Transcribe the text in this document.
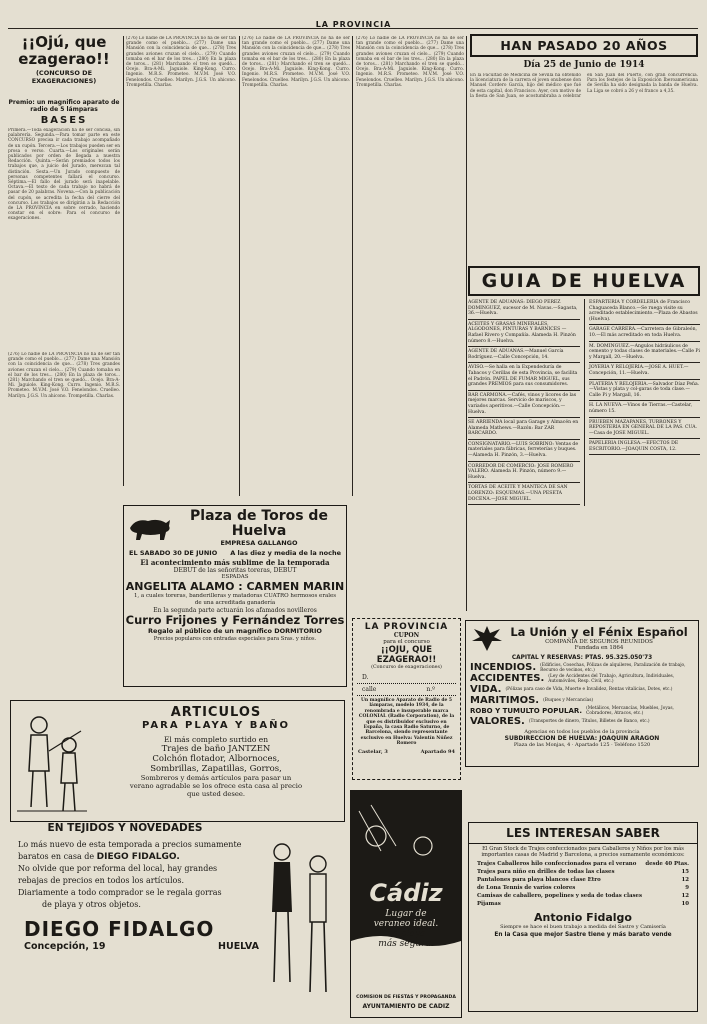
LA PROVINCIA
¡¡Ojú, que ezagerao!!
(CONCURSO DE EXAGERACIONES)
Premio: un magnifico aparato de radio de 5 lámparas
BASES
Primera.—Toda exageración ha de ser concisa, sin palabrería. Segunda.—Para tomar parte en este CONCURSO precisa ir cada trabajo acompañado de un cupón. Tercera.—Los trabajos pueden ser en prosa o verso. Cuarta.—Los originales serán publicados por orden de llegada a nuestra Redacción. Quinta.—Serán premiados todos los trabajos que, a juicio del Jurado, merezcan tal distinción. Sexta.—Un Jurado compuesto de personas competentes fallará el concurso. Séptima.—El fallo del jurado será inapelable. Octava.—El texto de cada trabajo no habrá de pasar de 20 palabras. Novena.—Con la publicación del cupón, se acredita la fecha del cierre del concurso. Los trabajos se dirigirán a la Redacción de LA PROVINCIA en sobre cerrado, haciendo constar en el sobre: Para el concurso de exageraciones.
(276) Lo nadie de LA PROVINCIA no ha de ser tan grande como el pueblo... (277) Dame una Mansión con la coincidencia de que... (278) Tres grandes aviones cruzan el cielo... (279) Cuando tomaba en el bar de los tres... (280) En la plaza de toros... (281) Marchando el tren se quedó... Ocejo. Bra-A-Mi. Jaguiole. King-Kong. Curro. Ingenio. M.R.S. Prometeo. M.V.M. José V.O. Fenelondos. Cruelleo. Marilyn. J.G.S. Un ahicono. Trompetilla. Charlas.
(276) Lo nadie de LA PROVINCIA no ha de ser tan grande como el pueblo... (277) Dame una Mansión con la coincidencia de que... (278) Tres grandes aviones cruzan el cielo... (279) Cuando tomaba en el bar de los tres... (280) En la plaza de toros... (281) Marchando el tren se quedó... Ocejo. Bra-A-Mi. Jaguiole. King-Kong. Curro. Ingenio. M.R.S. Prometeo. M.V.M. José V.O. Fenelondos. Cruelleo. Marilyn. J.G.S. Un ahicono. Trompetilla. Charlas.
(276) Lo nadie de LA PROVINCIA no ha de ser tan grande como el pueblo... (277) Dame una Mansión con la coincidencia de que... (278) Tres grandes aviones cruzan el cielo... (279) Cuando tomaba en el bar de los tres... (280) En la plaza de toros... (281) Marchando el tren se quedó... Ocejo. Bra-A-Mi. Jaguiole. King-Kong. Curro. Ingenio. M.R.S. Prometeo. M.V.M. José V.O. Fenelondos. Cruelleo. Marilyn. J.G.S. Un ahicono. Trompetilla. Charlas.
(276) Lo nadie de LA PROVINCIA no ha de ser tan grande como el pueblo... (277) Dame una Mansión con la coincidencia de que... (278) Tres grandes aviones cruzan el cielo... (279) Cuando tomaba en el bar de los tres... (280) En la plaza de toros... (281) Marchando el tren se quedó... Ocejo. Bra-A-Mi. Jaguiole. King-Kong. Curro. Ingenio. M.R.S. Prometeo. M.V.M. José V.O. Fenelondos. Cruelleo. Marilyn. J.G.S. Un ahicono. Trompetilla. Charlas.
HAN PASADO 20 AÑOS
Día 25 de Junio de 1914
En la Facultad de Medicina de Sevilla ha obtenido la licenciatura de la carrera el joven onubense don Manuel Cordero García, hijo del médico que fué de esta capital, don Francisco. Ayer, con motivo de la fiesta de San Juan, se acostumbraba a celebrar en San Juan del Puerto, con gran concurrencia. Para los festejos de la Exposición Iberoamericana de Sevilla ha sido designada la banda de Huelva. La Liga se cobró a 26 y el franco a 4,35.
GUIA DE HUELVA
AGENTE DE ADUANAS: DIEGO PEREZ DOMINGUEZ, sucesor de M. Navas.—Sagasta, 36.—Huelva.
ACEITES Y GRASAS MINERALES, ALGODONES, PINTURAS Y BARNICES — Rafael Rivero y Compañía. Alameda H. Pinzón número 8.—Huelva.
AGENTE DE ADUANAS.—Manuel García Rodríguez.—Calle Concepción, 14.
AVISO.—Se halla en la Expendeduría de Tabacos y Cerillas de esta Provincia, se facilita el Padrón. PAPEL DE FUMAR MIGUEL, sus grandes PREMIOS para sus consumidores.
BAR CARMONA.—Cafés, vinos y licores de las mejores marcas. Servicio de mariscos, y variados aperitivos.—Calle Concepción.—Huelva.
SE ARRIENDA local para Garage y Almacén en Alameda Mathews.—Razón: Bar ZAR BARCARDO.
CONSIGNATARIO.—LUIS SOBRINO: Ventas de materiales para fábricas, ferreterías y buques.—Alameda H. Pinzón, 3.—Huelva.
CORREDOR DE COMERCIO: JOSE ROMERO VALERO. Alameda H. Pinzón, número 9.—Huelva.
TORTAS DE ACEITE Y MANTECA DE SAN LORENZO: ESQUEMAS.—UNA PESETA DOCENA.—JOSE MIGUEL.
ESPARTERIA Y CORDELERIA de Francisco Chaguaceda Blanco.—Se ruega visite su acreditado establecimiento.—Plaza de Abastos (Huelva).
GARAGE CARRERA.—Carretera de Gibraleón, 10.—El más acreditado en toda Huelva.
M. DOMINGUEZ.—Angulos hidráulicos de cemento y todas clases de materiales.—Calle Pi y Margall, 20.—Huelva.
JOYERIA Y RELOJERIA.—JOSE A. HUET.—Concepción, 11.—Huelva.
PLATERIA Y RELOJERIA.—Salvador Díaz Peña.—Vistas y plata y col-garas de toda clase.—Calle Pi y Margall, 16.
H. LA NUEVA.—Vinos de Tierras.—Castelar, número 15.
PRUEBEN MAZAPANES, TURRONES Y REPOSTERIA EN GENERAL DE LA PAS. CUA.—Casa de JOSE MIGUEL.
PAPELERIA INGLESA.—EFECTOS DE ESCRITORIO.—JOAQUIN COSTA, 12.
Plaza de Toros de Huelva
EMPRESA GALLANGO
EL SABADO 30 DE JUNIO A las diez y media de la noche
El acontecimiento más sublime de la temporada
DEBUT de las señoritas toreras, DEBUT
ESPADAS
ANGELITA ALAMO : CARMEN MARIN
1, a cuales toreras, banderilleras y matadoras CUATRO hermosos erales de una acreditada ganadería
En la segunda parte actuarán los afamados novilleros
Curro Frijones y Fernández Torres
Regalo al público de un magnífico DORMITORIO
Precios populares con entradas especiales para Sras. y niños.
LA PROVINCIA
CUPON
para el concurso
¡¡OJU, QUE EZAGERAO!!
(Concurso de exageraciones)
D.
calle	n.º
Un magnífico Aparato de Radio de 5 lámparas, modelo 1934, de la renombrada e insuperable marca COLONIAL (Radio Corporation), de la que es distribuidor exclusivo en España, la casa Radio Saturno, de Barcelona, siendo representante exclusivo en Huelva: Valentín Núñez Romero
Castelar, 3	Apartado 94
La Unión y el Fénix Español
COMPAÑIA DE SEGUROS REUNIDOS
Fundada en 1864
CAPITAL Y RESERVAS: PTAS. 95.325.050'73
INCENDIOS. (Edificios, Cosechas, Pólizas de alquileres, Paralización de trabajo, Recurso de vecinos, etc.)
ACCIDENTES. (Ley de Accidentes del Trabajo, Agricultura, Individuales, Automóviles, Resp. Civil, etc.)
VIDA. (Pólizas para caso de Vida, Muerte e Invalidez, Rentas vitalicias, Dotes, etc.)
MARITIMOS. (Buques y Mercancías)
ROBO Y TUMULTO POPULAR. (Metálicos, Mercancías, Muebles, Joyas, Cobradores, Atracos, etc.)
VALORES. (Transportes de dinero, Títulos, Billetes de Banco, etc.)
Agencias en todos los pueblos de la provincia
SUBDIRECCION DE HUELVA: JOAQUIN ARAGON
Plaza de las Monjas, 4 · Apartado 125 · Teléfono 1520
LES INTERESAN SABER
El Gran Stock de Trajes confeccionados para Caballeros y Niños por los más importantes casas de Madrid y Barcelona, a precios sumamente económicos:
Trajes Caballeros hilo confeccionados para el verano desde 40 Ptas.
Trajes para niño en drilles de todas las clases	15
Pantalones para playa blancos clase Etro	12
de Lona Tennis de varios colores	9
Camisas de caballero, popelines y seda de todas clases	12
Pijamas	10
Antonio Fidalgo
Siempre se hace el buen trabajo a medida del Sastre y Camisería
En la Casa que mejor Sastre tiene y más barato vende
ARTICULOS
PARA PLAYA Y BAÑO
El más completo surtido en
Trajes de baño JANTZEN
Colchón flotador, Albornoces,
Sombrillas, Zapatillas, Gorros,
Sombreros y demás artículos para pasar un
verano agradable se los ofrece esta casa al precio
que usted desee.
EN TEJIDOS Y NOVEDADES
Lo más nuevo de esta temporada a precios sumamente
baratos en casa de DIEGO FIDALGO.
No olvide que por reforma del local, hay grandes
rebajas de precios en todos los artículos.
Diariamente a todo comprador se le regala gorras
de playa y otros objetos.
DIEGO FIDALGO
Concepción, 19	HUELVA
Cádiz
Lugar de
veraneo ideal.
La playa
más segura.
COMISION DE FIESTAS Y PROPAGANDA
AYUNTAMIENTO DE CADIZ
